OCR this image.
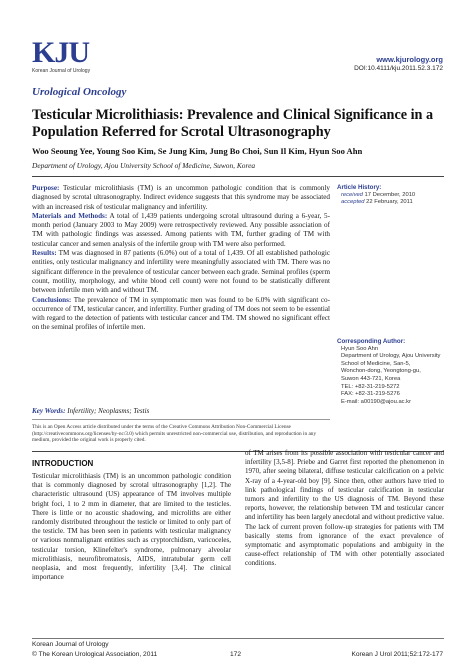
KJU
Korean Journal of Urology
www.kjurology.org
DOI:10.4111/kju.2011.52.3.172
Urological Oncology
Testicular Microlithiasis: Prevalence and Clinical Significance in a Population Referred for Scrotal Ultrasonography
Woo Seoung Yee, Young Soo Kim, Se Jung Kim, Jung Bo Choi, Sun Il Kim, Hyun Soo Ahn
Department of Urology, Ajou University School of Medicine, Suwon, Korea

Purpose: Testicular microlithiasis (TM) is an uncommon pathologic condition that is commonly diagnosed by scrotal ultrasonography. Indirect evidence suggests that this syndrome may be associated with an increased risk of testicular malignancy and infertility.

Materials and Methods: A total of 1,439 patients undergoing scrotal ultrasound during a 6-year, 5-month period (January 2003 to May 2009) were retrospectively reviewed. Any possible association of TM with pathologic findings was assessed. Among patients with TM, further grading of TM with testicular cancer and semen analysis of the infertile group with TM were also performed.

Results: TM was diagnosed in 87 patients (6.0%) out of a total of 1,439. Of all established pathologic entities, only testicular malignancy and infertility were meaningfully associated with TM. There was no significant difference in the prevalence of testicular cancer between each grade. Seminal profiles (sperm count, motility, morphology, and white blood cell count) were not found to be statistically different between infertile men with and without TM.

Conclusions: The prevalence of TM in symptomatic men was found to be 6.0% with significant co-occurrence of TM, testicular cancer, and infertility. Further grading of TM does not seem to be essential with regard to the detection of patients with testicular cancer and TM. TM showed no significant effect on the seminal profiles of infertile men.

Key Words: Infertility; Neoplasms; Testis
This is an Open Access article distributed under the terms of the Creative Commons Attribution Non-Commercial License (http://creativecommons.org/licenses/by-nc/3.0) which permits unrestricted non-commercial use, distribution, and reproduction in any medium, provided the original work is properly cited.
Article History:
received 17 December, 2010
accepted 22 February, 2011
Corresponding Author:
Hyun Soo Ahn
Department of Urology, Ajou University
School of Medicine, San-5,
Wonchon-dong, Yeongtong-gu,
Suwon 443-721, Korea
TEL: +82-31-219-5272
FAX: +82-31-219-5276
E-mail: a00190@ajou.ac.kr
INTRODUCTION
Testicular microlithiasis (TM) is an uncommon pathologic condition that is commonly diagnosed by scrotal ultrasonography [1,2]. The characteristic ultrasound (US) appearance of TM involves multiple bright foci, 1 to 2 mm in diameter, that are limited to the testicles. There is little or no acoustic shadowing, and microliths are either randomly distributed throughout the testicle or limited to only part of the testicle. TM has been seen in patients with testicular malignancy or various nonmalignant entities such as cryptorchidism, varicoceles, testicular torsion, Klinefelter's syndrome, pulmonary alveolar microlithiasis, neurofibromatosis, AIDS, intratubular germ cell neoplasia, and most frequently, infertility [3,4]. The clinical importance
of TM arises from its possible association with testicular cancer and infertility [3,5-8]. Priebe and Garret first reported the phenomenon in 1970, after seeing bilateral, diffuse testicular calcification on a pelvic X-ray of a 4-year-old boy [9]. Since then, other authors have tried to link pathological findings of testicular calcification in testicular tumors and infertility to the US diagnosis of TM. Beyond these reports, however, the relationship between TM and testicular cancer and infertility has been largely anecdotal and without predictive value. The lack of current proven follow-up strategies for patients with TM basically stems from ignorance of the exact prevalence of symptomatic and asymptomatic populations and ambiguity in the cause-effect relationship of TM with other potentially associated conditions.
Korean Journal of Urology
© The Korean Urological Association, 2011	172	Korean J Urol 2011;52:172-177
